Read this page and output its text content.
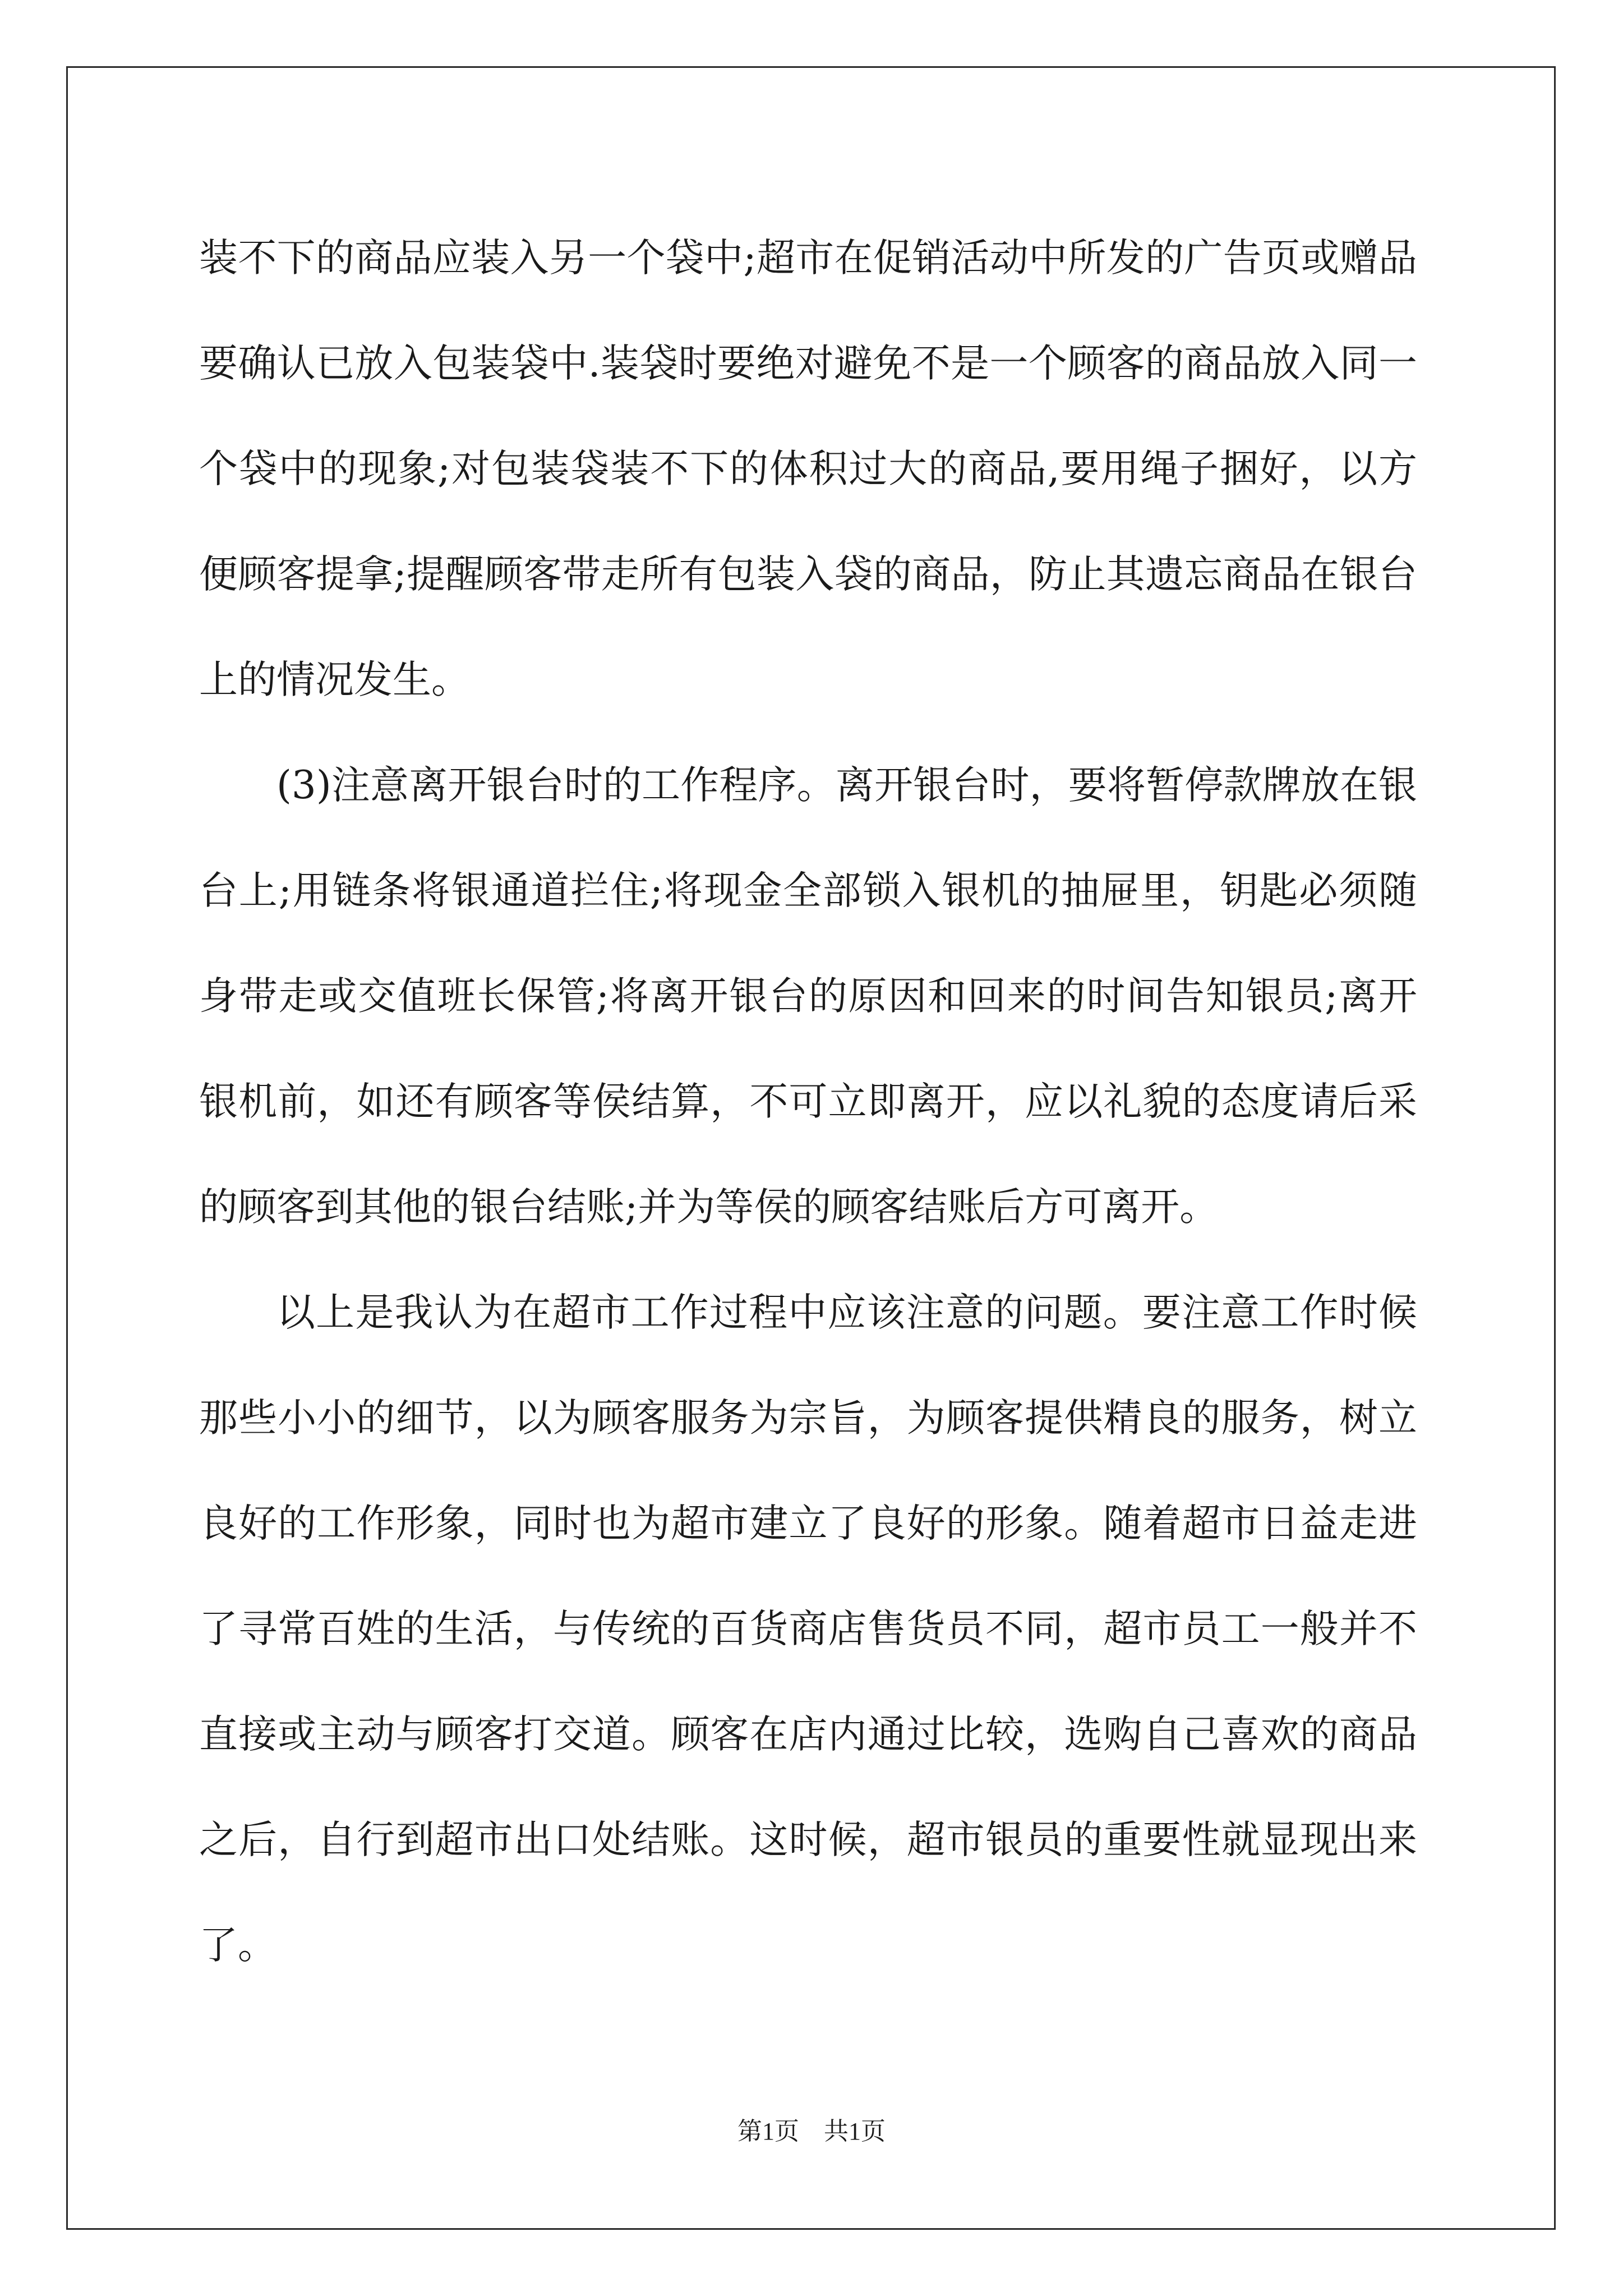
装不下的商品应装入另一个袋中;超市在促销活动中所发的广告页或赠品要确认已放入包装袋中.装袋时要绝对避免不是一个顾客的商品放入同一个袋中的现象;对包装袋装不下的体积过大的商品,要用绳子捆好，以方便顾客提拿;提醒顾客带走所有包装入袋的商品，防止其遗忘商品在银台上的情况发生。

(3)注意离开银台时的工作程序。离开银台时，要将暂停款牌放在银台上;用链条将银通道拦住;将现金全部锁入银机的抽屉里，钥匙必须随身带走或交值班长保管;将离开银台的原因和回来的时间告知银员;离开银机前，如还有顾客等侯结算，不可立即离开，应以礼貌的态度请后采的顾客到其他的银台结账;并为等侯的顾客结账后方可离开。

以上是我认为在超市工作过程中应该注意的问题。要注意工作时候那些小小的细节，以为顾客服务为宗旨，为顾客提供精良的服务，树立良好的工作形象，同时也为超市建立了良好的形象。随着超市日益走进了寻常百姓的生活，与传统的百货商店售货员不同，超市员工一般并不直接或主动与顾客打交道。顾客在店内通过比较，选购自己喜欢的商品之后，自行到超市出口处结账。这时候，超市银员的重要性就显现出来了。

第1页　共1页
